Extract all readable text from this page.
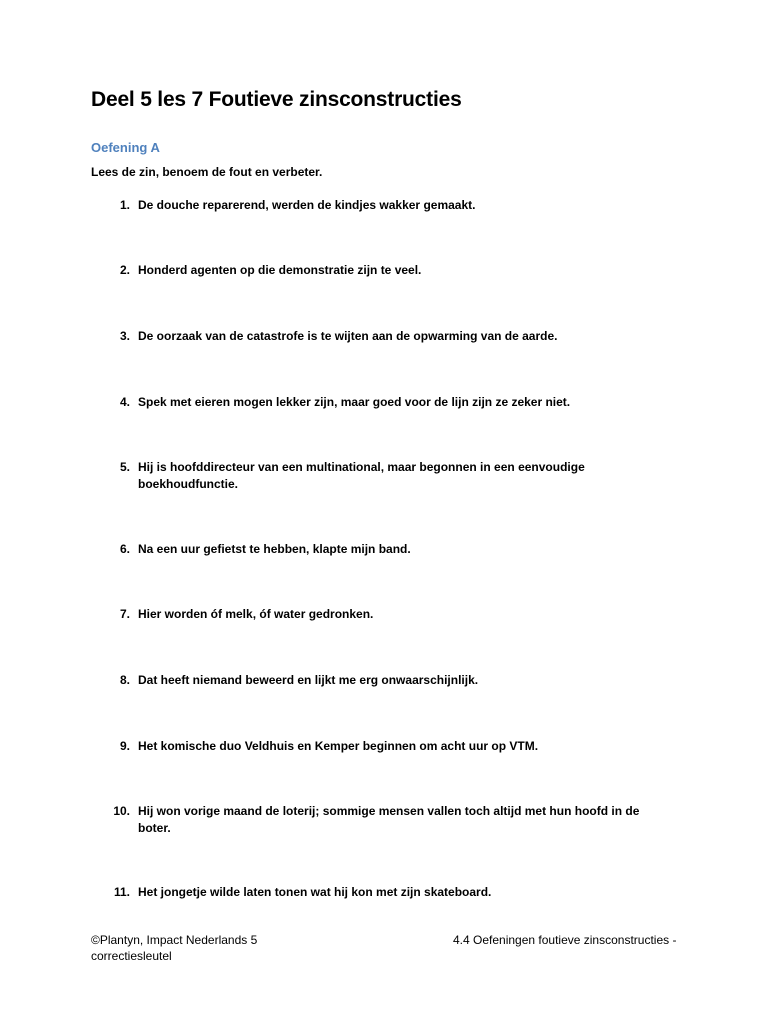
Deel 5 les 7 Foutieve zinsconstructies
Oefening A
Lees de zin, benoem de fout en verbeter.
1. De douche reparerend, werden de kindjes wakker gemaakt.
2. Honderd agenten op die demonstratie zijn te veel.
3. De oorzaak van de catastrofe is te wijten aan de opwarming van de aarde.
4. Spek met eieren mogen lekker zijn, maar goed voor de lijn zijn ze zeker niet.
5. Hij is hoofddirecteur van een multinational, maar begonnen in een eenvoudige boekhoudfunctie.
6. Na een uur gefietst te hebben, klapte mijn band.
7. Hier worden óf melk, óf water gedronken.
8. Dat heeft niemand beweerd en lijkt me erg onwaarschijnlijk.
9. Het komische duo Veldhuis en Kemper beginnen om acht uur op VTM.
10. Hij won vorige maand de loterij; sommige mensen vallen toch altijd met hun hoofd in de boter.
11. Het jongetje wilde laten tonen wat hij kon met zijn skateboard.
©Plantyn, Impact Nederlands 5 correctiesleutel
4.4 Oefeningen foutieve zinsconstructies -
